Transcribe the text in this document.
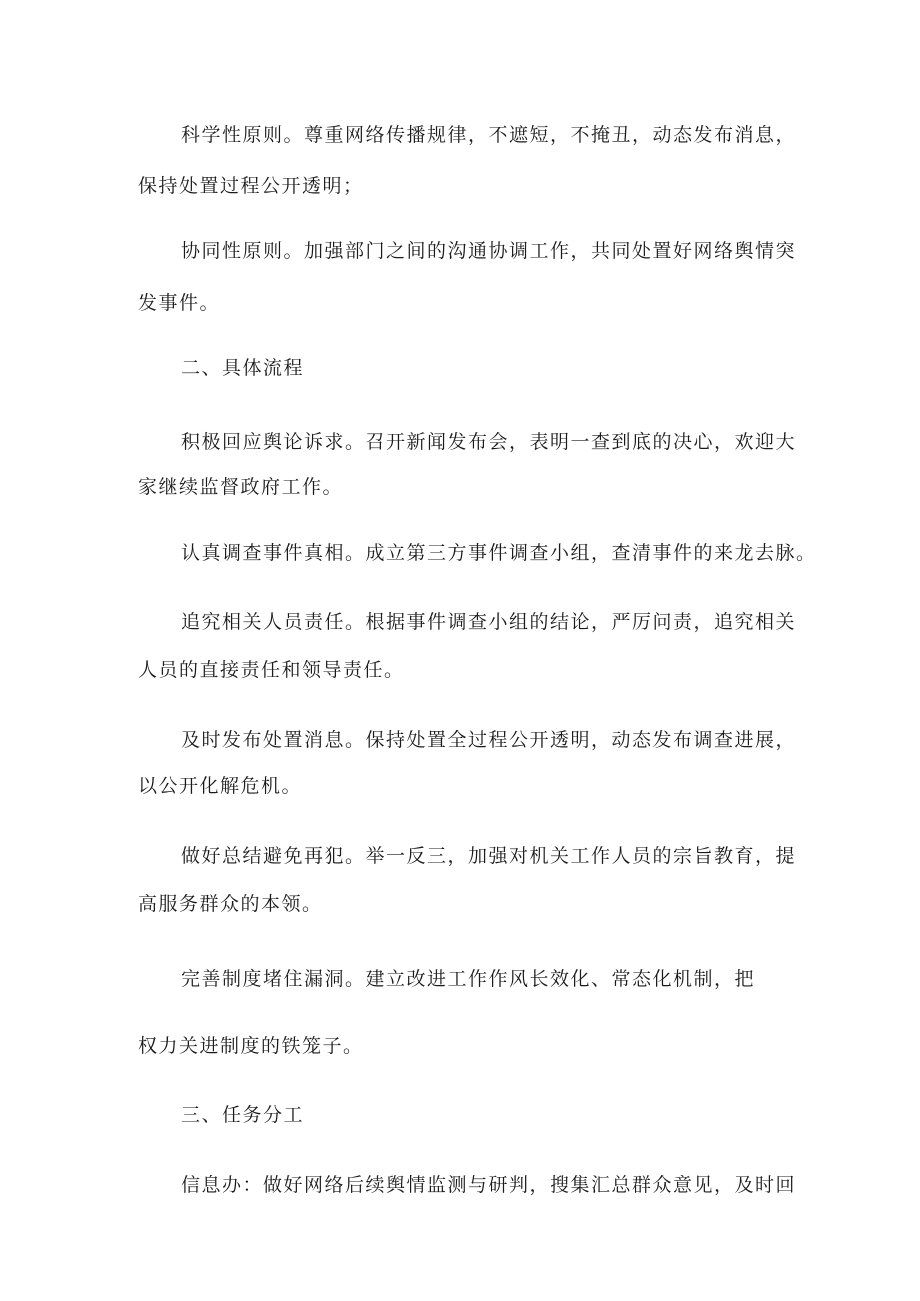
科学性原则。尊重网络传播规律，不遮短，不掩丑，动态发布消息，
保持处置过程公开透明；
协同性原则。加强部门之间的沟通协调工作，共同处置好网络舆情突
发事件。
二、具体流程
积极回应舆论诉求。召开新闻发布会，表明一查到底的决心，欢迎大
家继续监督政府工作。
认真调查事件真相。成立第三方事件调查小组，查清事件的来龙去脉。
追究相关人员责任。根据事件调查小组的结论，严厉问责，追究相关
人员的直接责任和领导责任。
及时发布处置消息。保持处置全过程公开透明，动态发布调查进展，
以公开化解危机。
做好总结避免再犯。举一反三，加强对机关工作人员的宗旨教育，提
高服务群众的本领。
完善制度堵住漏洞。建立改进工作作风长效化、常态化机制，把
权力关进制度的铁笼子。
三、任务分工
信息办：做好网络后续舆情监测与研判，搜集汇总群众意见，及时回
